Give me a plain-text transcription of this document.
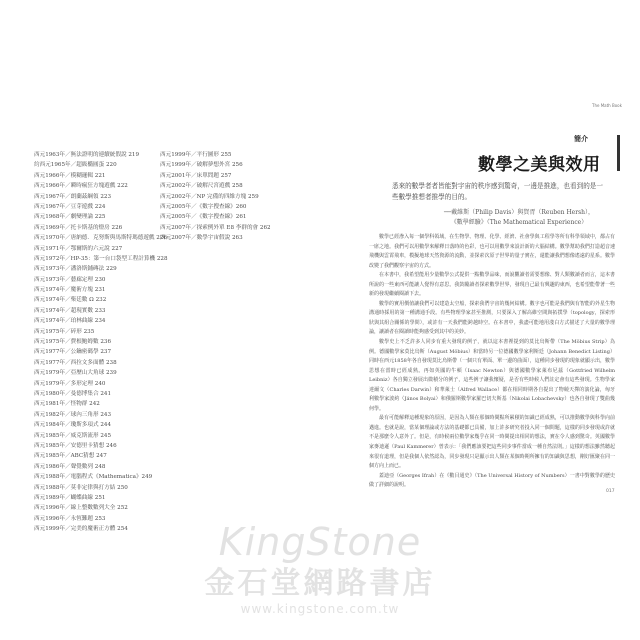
西元1963年／無法證明的連續統假說 219
約西元1965年／超級橢圓蛋 220
西元1966年／模糊邏輯 221
西元1966年／瞬時瘋狂方塊遊戲 222
西元1967年／朗蘭茲綱領 223
西元1967年／豆芽遊戲 224
西元1968年／劇變理論 225
西元1969年／托卡斯基的燈房 226
西元1970年／唐納德．克努斯與馬斯特瑪德遊戲 226
西元1971年／鄂爾斯的六元說 227
西元1972年／HP-35：第一台口袋型工程計算機 228
西元1973年／潘洛斯鋪磚法 229
西元1973年／藝廊定理 230
西元1974年／魔術方塊 231
西元1974年／柴廷數 Ω 232
西元1974年／超現實數 233
西元1974年／珀林曲線 234
西元1975年／碎形 235
西元1975年／費根鮑姆數 236
西元1977年／公鑰密碼學 237
西元1977年／西拉文多面體 238
西元1979年／亞歷山大角球 239
西元1979年／多形定理 240
西元1980年／曼德博集合 241
西元1981年／怪物群 242
西元1982年／球內三角形 243
西元1984年／瓊斯多項式 244
西元1985年／威克斯流形 245
西元1985年／安德里卡猜想 246
西元1985年／ABC猜想 247
西元1986年／聲覺數列 248
西元1988年／電腦程式《Mathematica》249
西元1988年／莫非定律與打方結 250
西元1989年／蝴蝶曲線 251
西元1996年／線上整數數列大全 252
西元1996年／永恆難題 253
西元1999年／完美的魔術正方體 254
西元1999年／平行圖形 255
西元1999年／破解夢想外宮 256
西元2001年／床單問題 257
西元2002年／破解尺宮遊戲 258
西元2002年／NP 完備的四維方塊 259
西元2005年／《數字搜查線》260
西元2005年／《數字搜查線》261
西元2007年／探索例外單 E8 李群的會 262
西元2007年／數學宇宙假說 263
The Math Book
簡介
數學之美與效用
悉來的數學者者皆能對宇宙的秩序感到驚奇，一邊是推進，也看到的是一些數學推想者推學的目的。
──戴維斯（Philip Davis）與賀胥（Reuben Hersh），
《數學經驗》（The Mathematical Experience）

數學已經滲入每一個學科領域，在生物學、物理、化學、經濟、社會學與工程學等所有科學領域中，都占有一席之地。我們可以用數學來解釋日落時的色彩，也可以用數學來設計新的大腦結構。數學幫助我們打造超音速飛機與雲霄飛車，模擬地球天然資源的流動，並探索次原子世界的量子實在，還能讓我們想像遙遠的星系。數學改變了我們觀察宇宙的方式。

在本書中，我希望能用少量數學公式提供一點數學品味，而說觀讀者需要想像、對人類數讀者而言，這本書所說的一些東西可能讓人覺得有意思。我鼓勵讀者探索數學世界，發現自己最有興趣的東西，也希望能帶著一些新的發現繼續閱讀下去。

數學的實用價值讓我們可以建造太空船，探索我們宇宙的幾何結構。數字也可能是我們與有智能的外星生物溝通時採用的第一種溝通手段。有些物理學家甚至推測，只要深入了解高維空間與拓撲學（topology，探索形狀與其組合關係的學問），或許有一天我們能跨越時空。在本書中，我盡可能地用淺白方式描述了大量的數學理論，讓讀者在閱讀時能夠感受到其中的美妙。

數學史上不乏許多人同步有重大發現的例子，就以這本書裡提到的莫比烏斯帶（The Möbius Strip）為例。德國數學家莫比烏斯（August Möbius）和當時另一位德國數學家利斯廷（Johann Benedict Listing）同時在西元1858年各自發現莫比烏斯帶（一個只有單面、單一邊的曲面），這種同步發現的現象就顯示出，數學思想在當時已經成熟。再如英國的牛頓（Isaac Newton）與德國數學家萊布尼茲（Gottfried Wilhelm Leibniz）各自獨立發展出微積分的例子，這些例子讓我懷疑，是否有些時候人們註定會有這些發現。生物學家達爾文（Charles Darwin）和華萊士（Alfred Wallace）都在相同時期各自提出了物競天擇的演化論，匈牙利數學家波約（János Bolyai）和俄羅斯數學家羅巴切夫斯基（Nikolai Lobachevsky）也各自發現了雙曲幾何學。

最有可能解釋這種現象的原因，是因為人類在那個時間點所累積的知識已經成熟，可以推動數學與科學向前邁進。也就是說，當某個理論或方法的基礎都已具備，加上許多研究者投入同一個問題，這樣的同步發現或許就不是那麼令人意外了。但是，有時候兩位數學家幾乎在同一時間提出相同的想法，實在令人感到驚奇。英國數學家麥迪遜（Paul Kammerer）曾表示：「我們應該要把這些同步事件當成一種自然法則。」這樣的想法雖然聽起來很有道理，但是我個人依然認為，同步發現只是顯示出人類在某個時期所擁有的知識與思想，剛好匯聚在同一個方向上而已。

蓋迪亞（Georges Ifrah）在《數目通史》（The Universal History of Numbers）一書中對數學的歷史做了詳細的說明。

017
KingStone
金石堂網路書店
www.kingstone.com.tw
